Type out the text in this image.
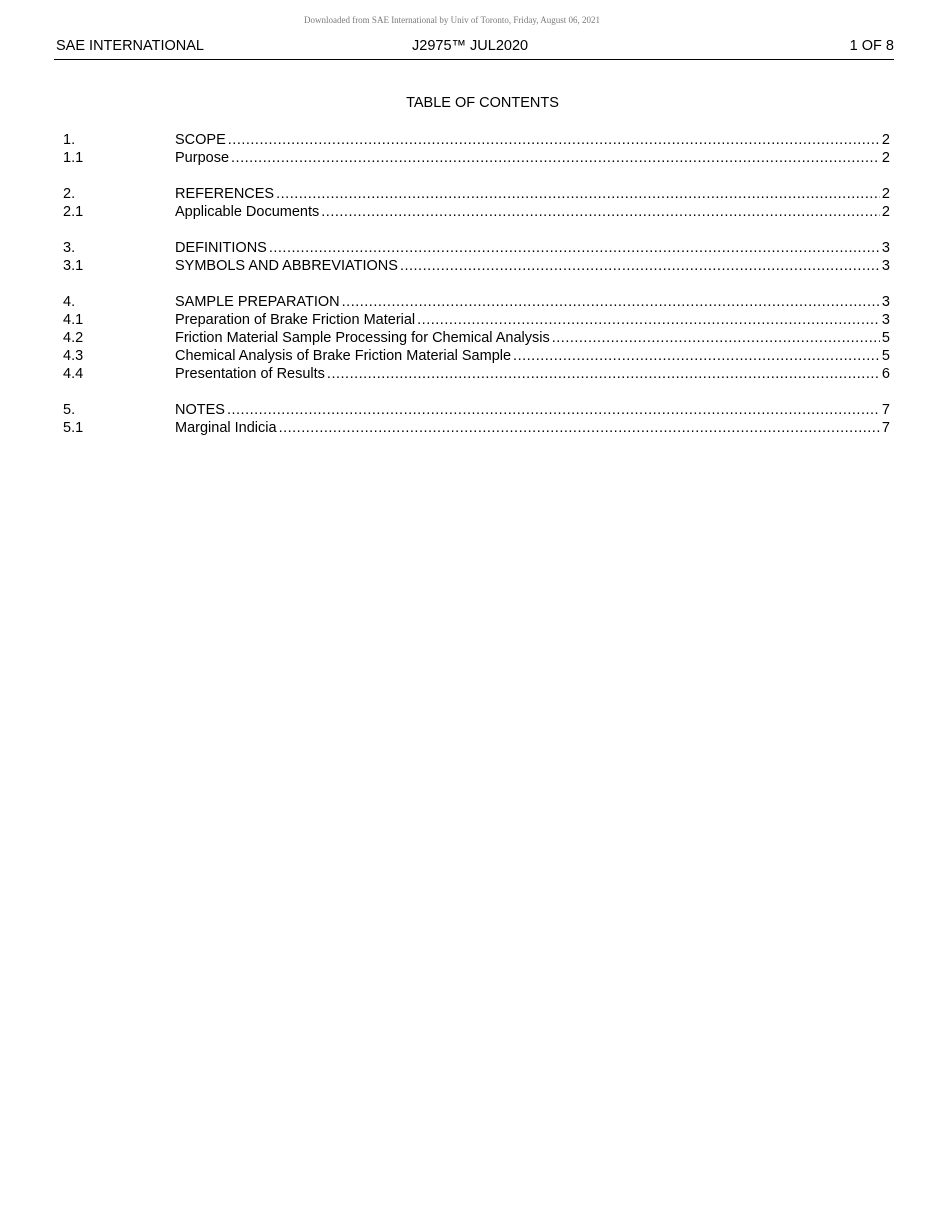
Downloaded from SAE International by Univ of Toronto, Friday, August 06, 2021
SAE INTERNATIONAL	J2975™ JUL2020	1 OF 8
TABLE OF CONTENTS
1.	SCOPE .....	2
1.1	Purpose .....	2
2.	REFERENCES .....	2
2.1	Applicable Documents .....	2
3.	DEFINITIONS .....	3
3.1	SYMBOLS AND ABBREVIATIONS .....	3
4.	SAMPLE PREPARATION .....	3
4.1	Preparation of Brake Friction Material .....	3
4.2	Friction Material Sample Processing for Chemical Analysis .....	5
4.3	Chemical Analysis of Brake Friction Material Sample .....	5
4.4	Presentation of Results .....	6
5.	NOTES .....	7
5.1	Marginal Indicia .....	7
